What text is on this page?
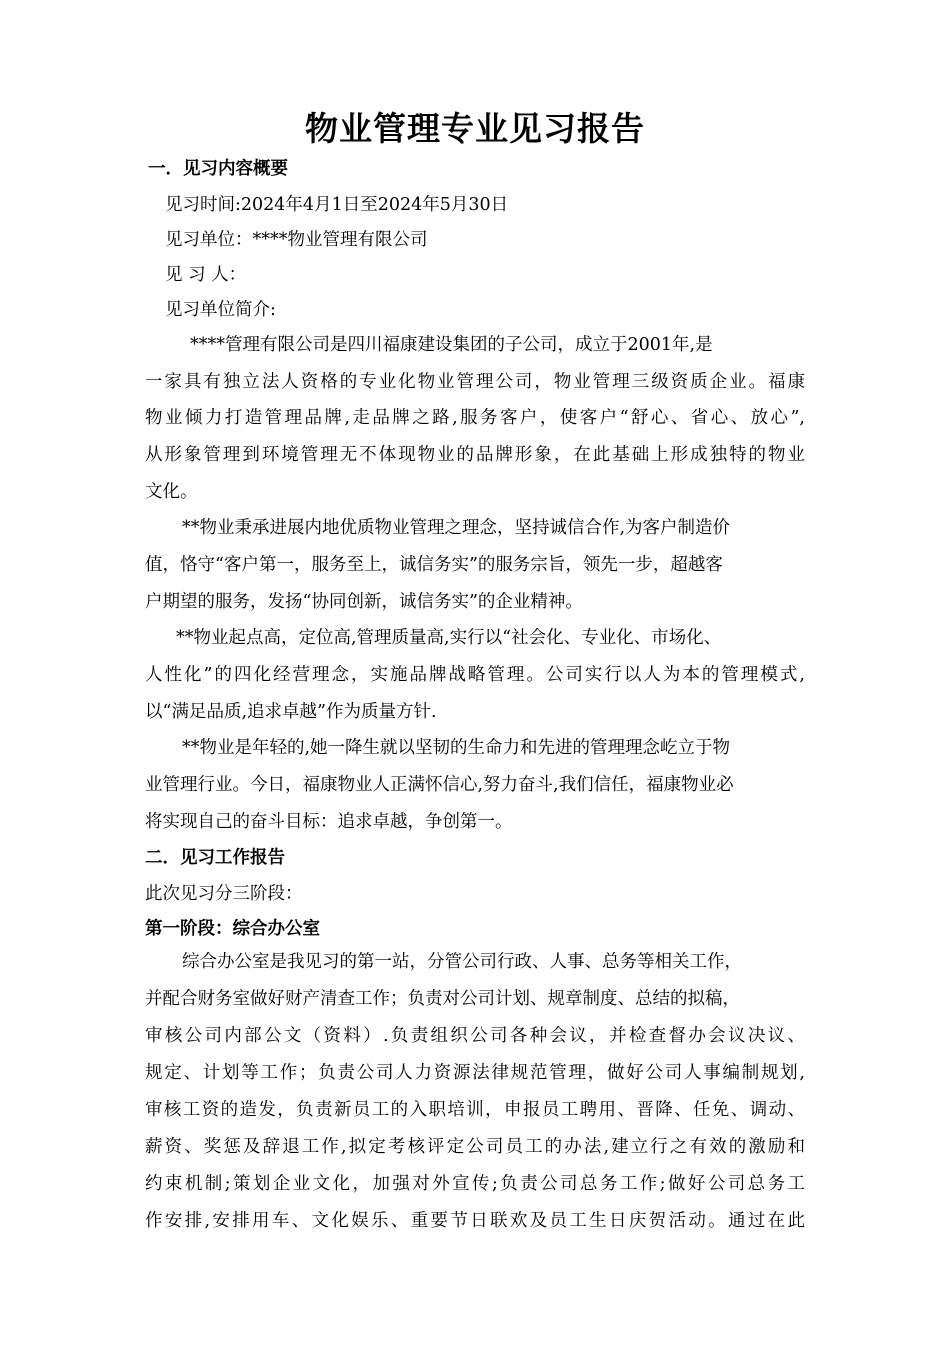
物业管理专业见习报告
一．见习内容概要
见习时间:2024年4月1日至2024年5月30日
见习单位：****物业管理有限公司
见 习 人：
见习单位简介:
****管理有限公司是四川福康建设集团的子公司，成立于2001年,是
一家具有独立法人资格的专业化物业管理公司，物业管理三级资质企业。福康
物业倾力打造管理品牌,走品牌之路,服务客户，使客户“舒心、省心、放心”,
从形象管理到环境管理无不体现物业的品牌形象，在此基础上形成独特的物业
文化。
**物业秉承进展内地优质物业管理之理念，坚持诚信合作,为客户制造价
值，恪守“客户第一，服务至上，诚信务实”的服务宗旨，领先一步，超越客
户期望的服务，发扬“协同创新，诚信务实”的企业精神。
**物业起点高，定位高,管理质量高,实行以“社会化、专业化、市场化、
人性化”的四化经营理念，实施品牌战略管理。公司实行以人为本的管理模式,
以“满足品质,追求卓越”作为质量方针.
**物业是年轻的,她一降生就以坚韧的生命力和先进的管理理念屹立于物
业管理行业。今日，福康物业人正满怀信心,努力奋斗,我们信任，福康物业必
将实现自己的奋斗目标：追求卓越，争创第一。
二．见习工作报告
此次见习分三阶段：
第一阶段：综合办公室
综合办公室是我见习的第一站，分管公司行政、人事、总务等相关工作，
并配合财务室做好财产清查工作；负责对公司计划、规章制度、总结的拟稿，
审核公司内部公文（资料）.负责组织公司各种会议，并检查督办会议决议、
规定、计划等工作；负责公司人力资源法律规范管理，做好公司人事编制规划,
审核工资的造发，负责新员工的入职培训，申报员工聘用、晋降、任免、调动、
薪资、奖惩及辞退工作,拟定考核评定公司员工的办法,建立行之有效的激励和
约束机制;策划企业文化，加强对外宣传;负责公司总务工作;做好公司总务工
作安排,安排用车、文化娱乐、重要节日联欢及员工生日庆贺活动。通过在此
